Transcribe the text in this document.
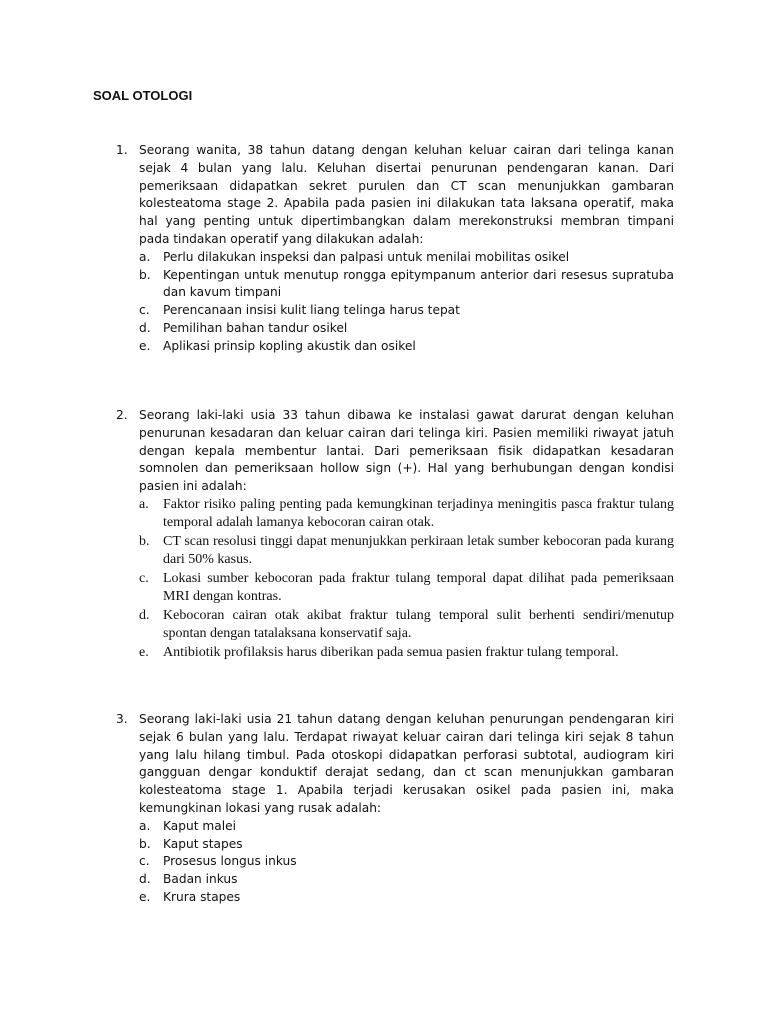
SOAL OTOLOGI
1. Seorang wanita, 38 tahun datang dengan keluhan keluar cairan dari telinga kanan sejak 4 bulan yang lalu. Keluhan disertai penurunan pendengaran kanan. Dari pemeriksaan didapatkan sekret purulen dan CT scan menunjukkan gambaran kolesteatoma stage 2. Apabila pada pasien ini dilakukan tata laksana operatif, maka hal yang penting untuk dipertimbangkan dalam merekonstruksi membran timpani pada tindakan operatif yang dilakukan adalah:
a. Perlu dilakukan inspeksi dan palpasi untuk menilai mobilitas osikel
b. Kepentingan untuk menutup rongga epitympanum anterior dari resesus supratuba dan kavum timpani
c. Perencanaan insisi kulit liang telinga harus tepat
d. Pemilihan bahan tandur osikel
e. Aplikasi prinsip kopling akustik dan osikel
2. Seorang laki-laki usia 33 tahun dibawa ke instalasi gawat darurat dengan keluhan penurunan kesadaran dan keluar cairan dari telinga kiri. Pasien memiliki riwayat jatuh dengan kepala membentur lantai. Dari pemeriksaan fisik didapatkan kesadaran somnolen dan pemeriksaan hollow sign (+). Hal yang berhubungan dengan kondisi pasien ini adalah:
a. Faktor risiko paling penting pada kemungkinan terjadinya meningitis pasca fraktur tulang temporal adalah lamanya kebocoran cairan otak.
b. CT scan resolusi tinggi dapat menunjukkan perkiraan letak sumber kebocoran pada kurang dari 50% kasus.
c. Lokasi sumber kebocoran pada fraktur tulang temporal dapat dilihat pada pemeriksaan MRI dengan kontras.
d. Kebocoran cairan otak akibat fraktur tulang temporal sulit berhenti sendiri/menutup spontan dengan tatalaksana konservatif saja.
e. Antibiotik profilaksis harus diberikan pada semua pasien fraktur tulang temporal.
3. Seorang laki-laki usia 21 tahun datang dengan keluhan penurungan pendengaran kiri sejak 6 bulan yang lalu. Terdapat riwayat keluar cairan dari telinga kiri sejak 8 tahun yang lalu hilang timbul. Pada otoskopi didapatkan perforasi subtotal, audiogram kiri gangguan dengar konduktif derajat sedang, dan ct scan menunjukkan gambaran kolesteatoma stage 1. Apabila terjadi kerusakan osikel pada pasien ini, maka kemungkinan lokasi yang rusak adalah:
a. Kaput malei
b. Kaput stapes
c. Prosesus longus inkus
d. Badan inkus
e. Krura stapes
